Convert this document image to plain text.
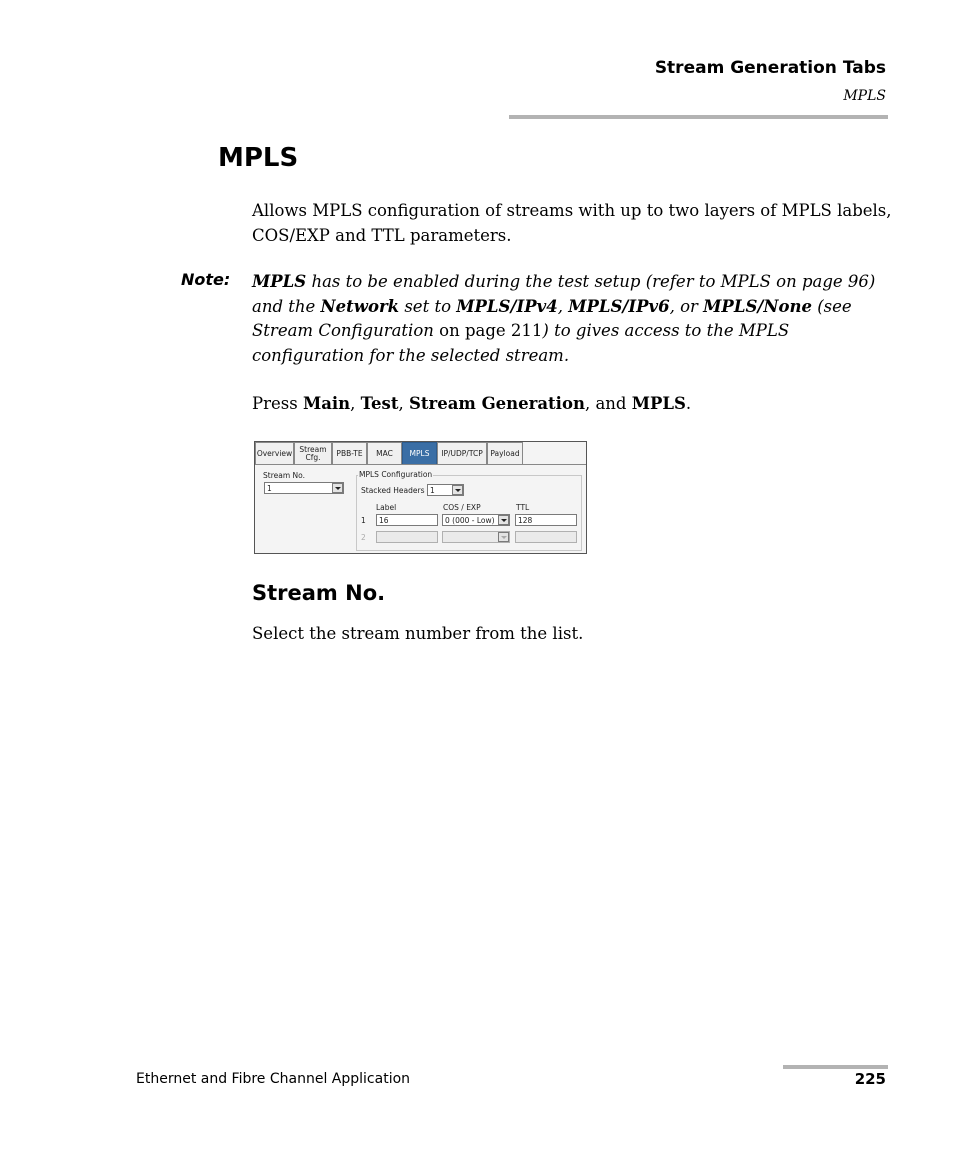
Stream Generation Tabs
MPLS
MPLS

Allows MPLS configuration of streams with up to two layers of MPLS labels, COS/EXP and TTL parameters.

Note: MPLS has to be enabled during the test setup (refer to MPLS on page 96) and the Network set to MPLS/IPv4, MPLS/IPv6, or MPLS/None (see Stream Configuration on page 211) to gives access to the MPLS configuration for the selected stream.

Press Main, Test, Stream Generation, and MPLS.

Overview Stream Cfg.	PBB-TE	MAC	MPLS	IP/UDP/TCP	Payload
Stream No.
1
MPLS Configuration
Stacked Headers 1
Label	COS / EXP	TTL
1 16	0 (000 - Low)	128
2
Stream No.

Select the stream number from the list.

Ethernet and Fibre Channel Application	225
